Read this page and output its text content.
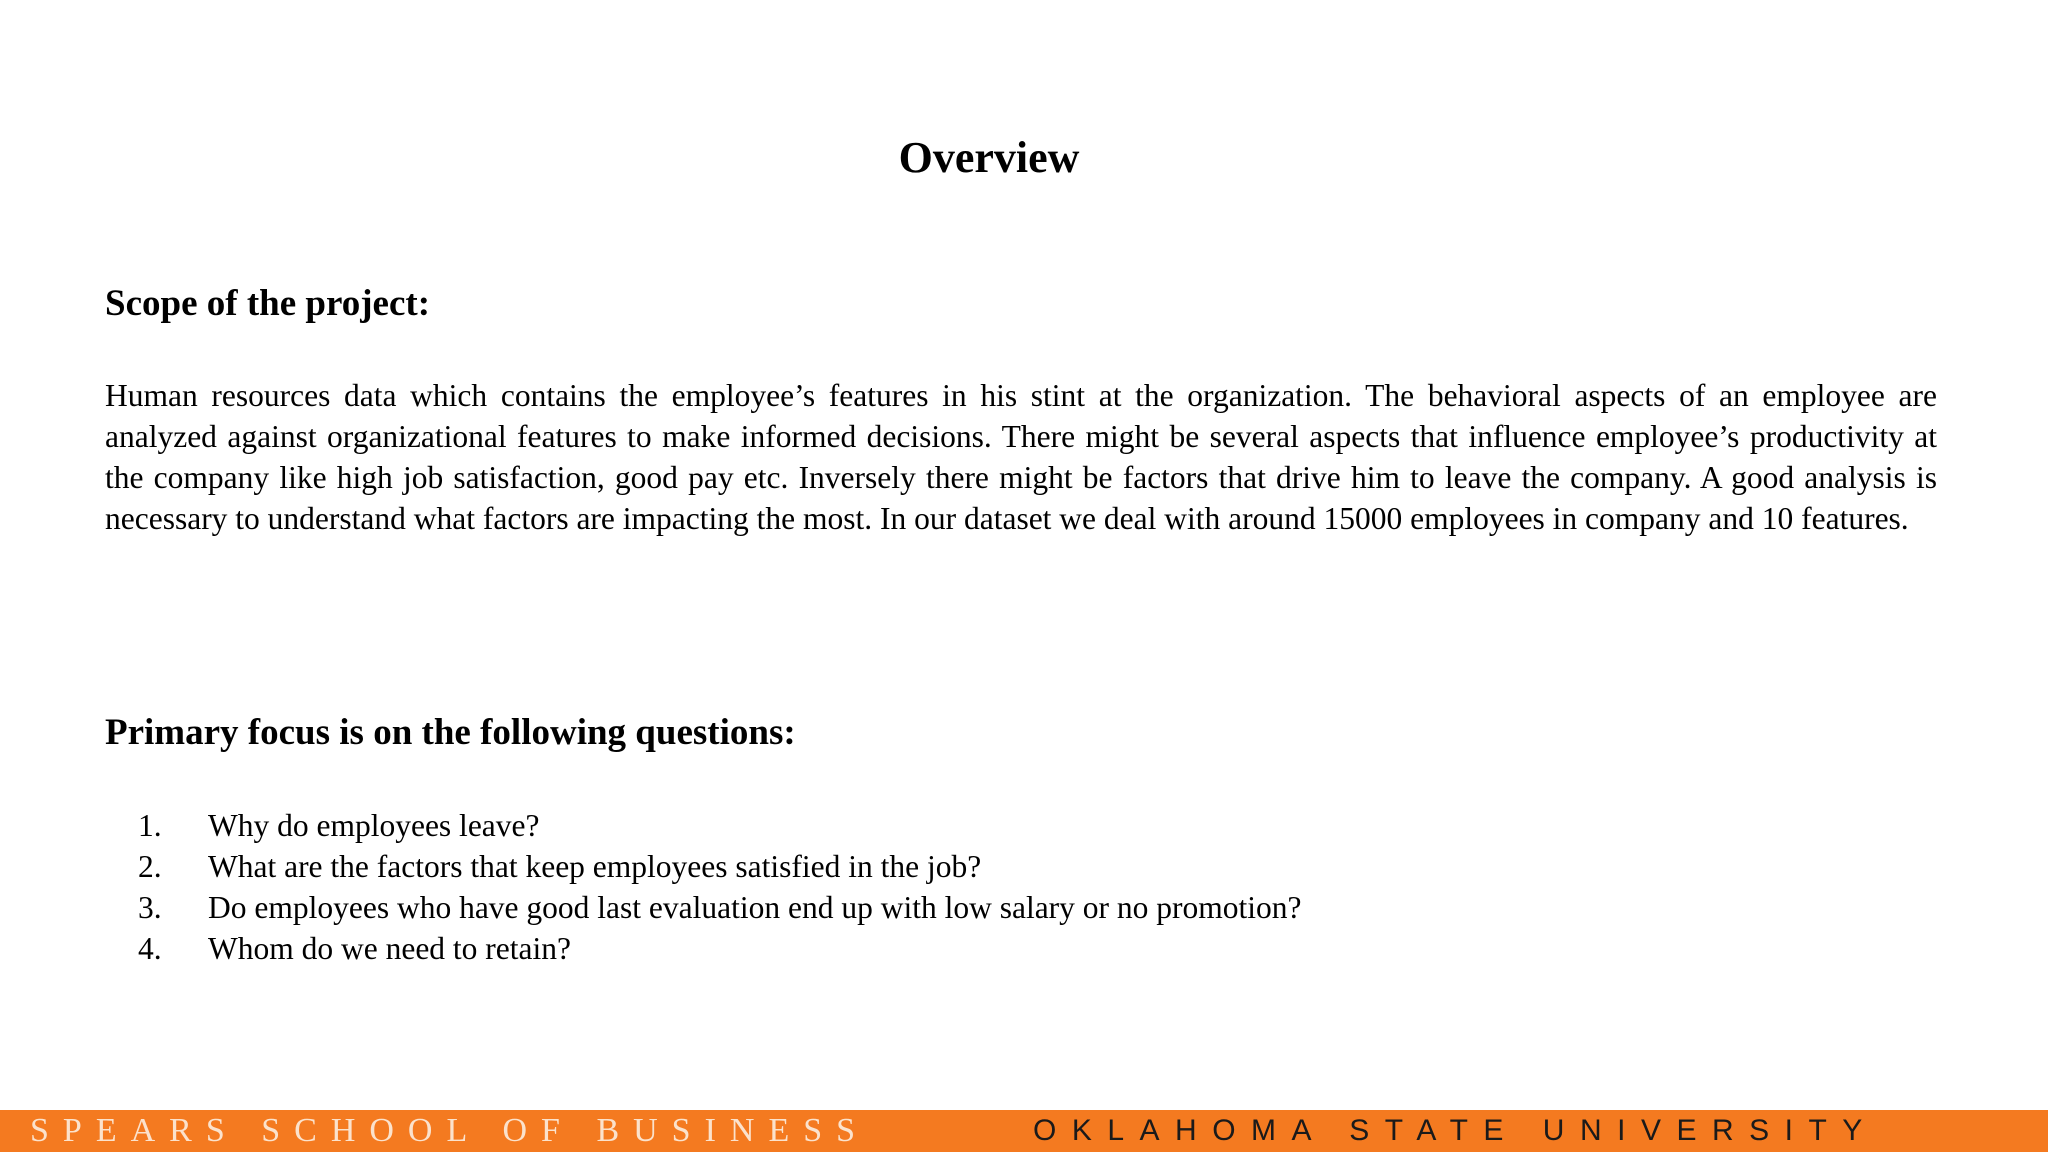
Overview
Scope of the project:

Human resources data which contains the employee’s features in his stint at the organization. The behavioral aspects of an employee are analyzed against organizational features to make informed decisions. There might be several aspects that influence employee’s productivity at the company like high job satisfaction, good pay etc. Inversely there might be factors that drive him to leave the company. A good analysis is necessary to understand what factors are impacting the most. In our dataset we deal with around 15000 employees in company and 10 features.

Primary focus is on the following questions:
1. Why do employees leave?
2. What are the factors that keep employees satisfied in the job?
3. Do employees who have good last evaluation end up with low salary or no promotion?
4. Whom do we need to retain?
SPEARS SCHOOL OF BUSINESS	OKLAHOMA STATE UNIVERSITY
